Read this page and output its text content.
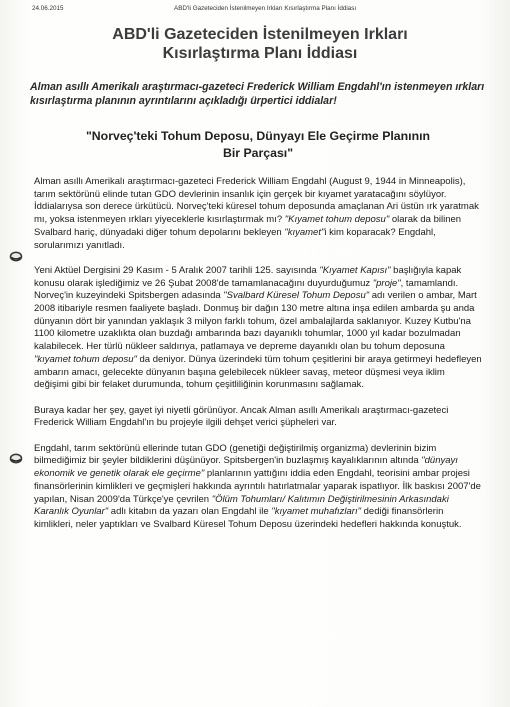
24.06.2015	ABD'li Gazeteciden İstenilmeyen Irkları Kısırlaştırma Planı İddiası
ABD'li Gazeteciden İstenilmeyen Irkları
Kısırlaştırma Planı İddiası
Alman asıllı Amerikalı araştırmacı-gazeteci Frederick William Engdahl'ın istenmeyen ırkları kısırlaştırma planının ayrıntılarını açıkladığı ürpertici iddialar!
"Norveç'teki Tohum Deposu, Dünyayı Ele Geçirme Planının
Bir Parçası"

Alman asıllı Amerikalı araştırmacı-gazeteci Frederick William Engdahl (August 9, 1944 in Minneapolis), tarım sektörünü elinde tutan GDO devlerinin insanlık için gerçek bir kıyamet yaratacağını söylüyor. İddialarıysa son derece ürkütücü. Norveç'teki küresel tohum deposunda amaçlanan Ari üstün ırk yaratmak mı, yoksa istenmeyen ırkları yiyeceklerle kısırlaştırmak mı? "Kıyamet tohum deposu" olarak da bilinen Svalbard hariç, dünyadaki diğer tohum depolarını bekleyen "kıyamet"i kim koparacak? Engdahl, sorularımızı yanıtladı.

Yeni Aktüel Dergisini 29 Kasım - 5 Aralık 2007 tarihli 125. sayısında "Kıyamet Kapısı" başlığıyla kapak konusu olarak işlediğimiz ve 26 Şubat 2008'de tamamlanacağını duyurduğumuz "proje", tamamlandı. Norveç'in kuzeyindeki Spitsbergen adasında "Svalbard Küresel Tohum Deposu" adı verilen o ambar, Mart 2008 itibariyle resmen faaliyete başladı. Donmuş bir dağın 130 metre altına inşa edilen ambarda şu anda dünyanın dört bir yanından yaklaşık 3 milyon farklı tohum, özel ambalajlarda saklanıyor. Kuzey Kutbu'na 1100 kilometre uzaklıkta olan buzdağı ambarında bazı dayanıklı tohumlar, 1000 yıl kadar bozulmadan kalabilecek. Her türlü nükleer saldırıya, patlamaya ve depreme dayanıklı olan bu tohum deposuna "kıyamet tohum deposu" da deniyor. Dünya üzerindeki tüm tohum çeşitlerini bir araya getirmeyi hedefleyen ambarın amacı, gelecekte dünyanın başına gelebilecek nükleer savaş, meteor düşmesi veya iklim değişimi gibi bir felaket durumunda, tohum çeşitliliğinin korunmasını sağlamak.

Buraya kadar her şey, gayet iyi niyetli görünüyor. Ancak Alman asıllı Amerikalı araştırmacı-gazeteci Frederick William Engdahl'ın bu projeyle ilgili dehşet verici şüpheleri var.

Engdahl, tarım sektörünü ellerinde tutan GDO (genetiği değiştirilmiş organizma) devlerinin bizim bilmediğimiz bir şeyler bildiklerini düşünüyor. Spitsbergen'in buzlaşmış kayalıklarının altında "dünyayı ekonomik ve genetik olarak ele geçirme" planlarının yattığını iddia eden Engdahl, teorisini ambar projesi finansörlerinin kimlikleri ve geçmişleri hakkında ayrıntılı hatırlatmalar yaparak ispatlıyor. İlk baskısı 2007'de yapılan, Nisan 2009'da Türkçe'ye çevrilen "Ölüm Tohumları/ Kalıtımın Değiştirilmesinin Arkasındaki Karanlık Oyunlar" adlı kitabın da yazarı olan Engdahl ile "kıyamet muhafızları" dediği finansörlerin kimlikleri, neler yaptıkları ve Svalbard Küresel Tohum Deposu üzerindeki hedefleri hakkında konuştuk.
